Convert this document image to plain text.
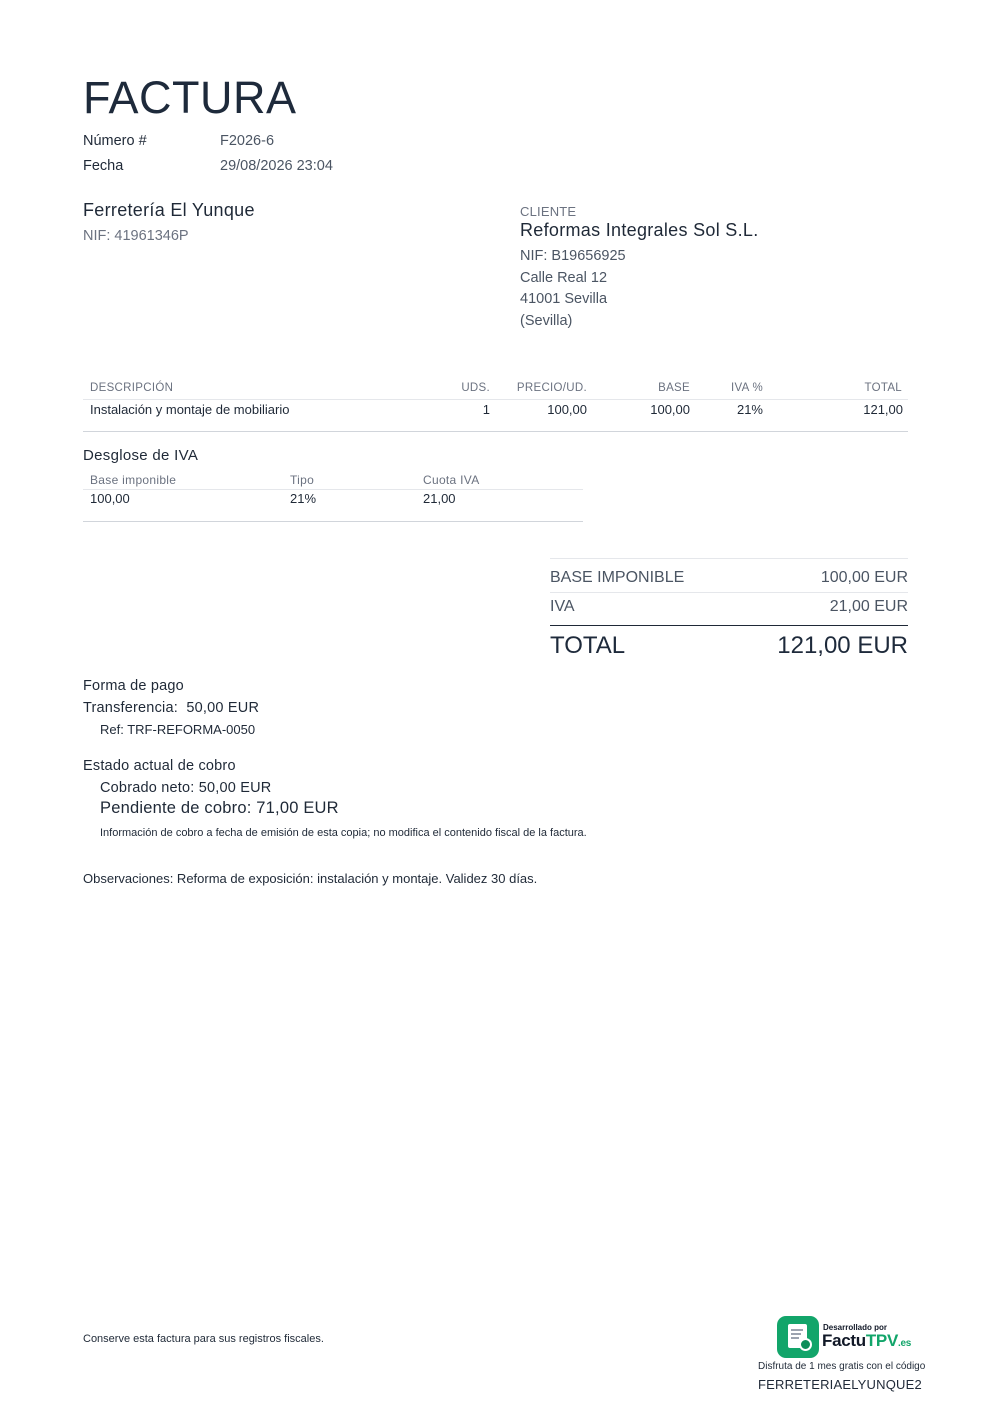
FACTURA
Número #	F2026-6
Fecha	29/08/2026 23:04
Ferretería El Yunque
NIF: 41961346P
CLIENTE
Reformas Integrales Sol S.L.
NIF: B19656925
Calle Real 12
41001 Sevilla
(Sevilla)
DESCRIPCIÓN	UDS. PRECIO/UD.	BASE	IVA %	TOTAL
Instalación y montaje de mobiliario	1	100,00	100,00	21%	121,00
Desglose de IVA
Base imponible	Tipo	Cuota IVA
100,00	21%	21,00
BASE IMPONIBLE	100,00 EUR
IVA	21,00 EUR
TOTAL	121,00 EUR
Forma de pago
Transferencia:  50,00 EUR
Ref: TRF-REFORMA-0050
Estado actual de cobro
Cobrado neto: 50,00 EUR
Pendiente de cobro: 71,00 EUR
Información de cobro a fecha de emisión de esta copia; no modifica el contenido fiscal de la factura.
Observaciones: Reforma de exposición: instalación y montaje. Validez 30 días.
Conserve esta factura para sus registros fiscales.
Desarrollado por
FactuTPV.es
Disfruta de 1 mes gratis con el código
FERRETERIAELYUNQUE2
